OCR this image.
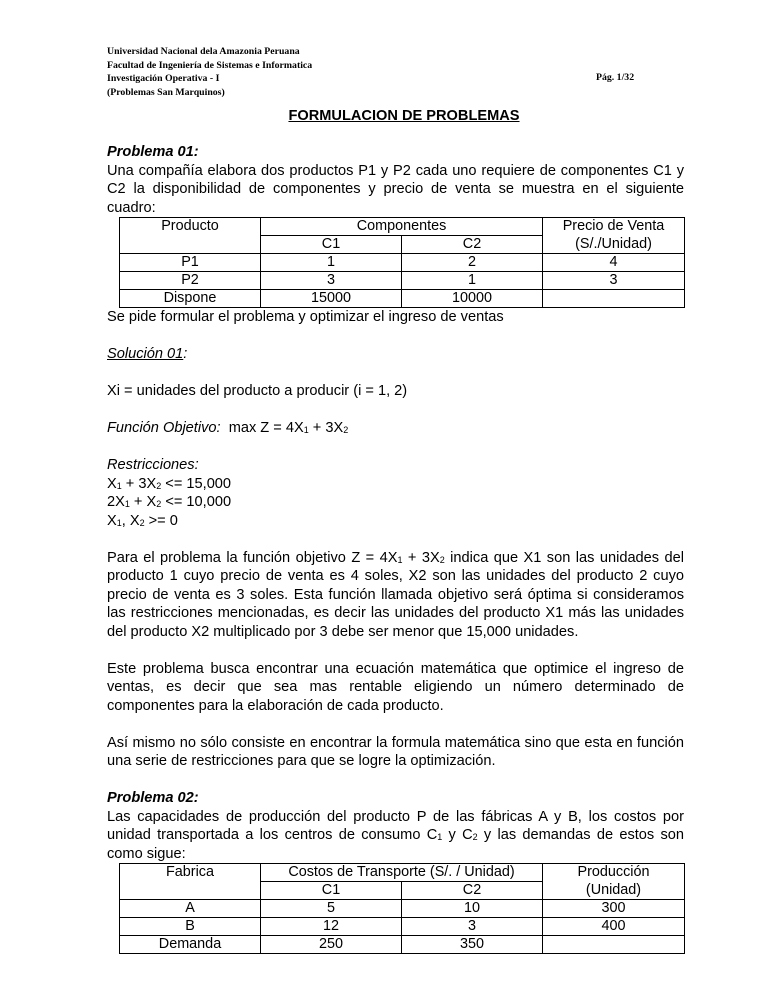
Universidad Nacional dela Amazonia Peruana
Facultad de Ingeniería de Sistemas e Informatica
Investigación Operativa - I
(Problemas San Marquinos)
Pág. 1/32
FORMULACION DE PROBLEMAS

Problema 01:

Una compañía elabora dos productos P1 y P2 cada uno requiere de componentes C1 y C2 la disponibilidad de componentes y precio de venta se muestra en el siguiente cuadro:

Producto	Componentes		Precio de Venta
	C1	C2	(S/./Unidad)
P1	1	2	4
P2	3	1	3
Dispone	15000	10000	

Se pide formular el problema y optimizar el ingreso de ventas

Solución 01:

Xi = unidades del producto a producir (i = 1, 2)

Función Objetivo: $\max Z = 4X_1 + 3X_2$

Restricciones:

$X_1 + 3X_2 <= 15,000$

$2X_1 + X_2 <= 10,000$

$X_1$, $X_2 >= 0$

Para el problema la función objetivo $Z = 4X_1 + 3X_2$ indica que X1 son las unidades del producto 1 cuyo precio de venta es 4 soles, X2 son las unidades del producto 2 cuyo precio de venta es 3 soles. Esta función llamada objetivo será óptima si consideramos las restricciones mencionadas, es decir las unidades del producto X1 más las unidades del producto X2 multiplicado por 3 debe ser menor que 15,000 unidades.

Este problema busca encontrar una ecuación matemática que optimice el ingreso de ventas, es decir que sea mas rentable eligiendo un número determinado de componentes para la elaboración de cada producto.

Así mismo no sólo consiste en encontrar la formula matemática sino que esta en función una serie de restricciones para que se logre la optimización.

Problema 02:

Las capacidades de producción del producto P de las fábricas A y B, los costos por unidad transportada a los centros de consumo $C_1$ y $C_2$ y las demandas de estos son como sigue:

Fabrica	Costos de Transporte (S/. / Unidad)		Producción
	C1	C2	(Unidad)
A	5	10	300
B	12	3	400
Demanda	250	350	
